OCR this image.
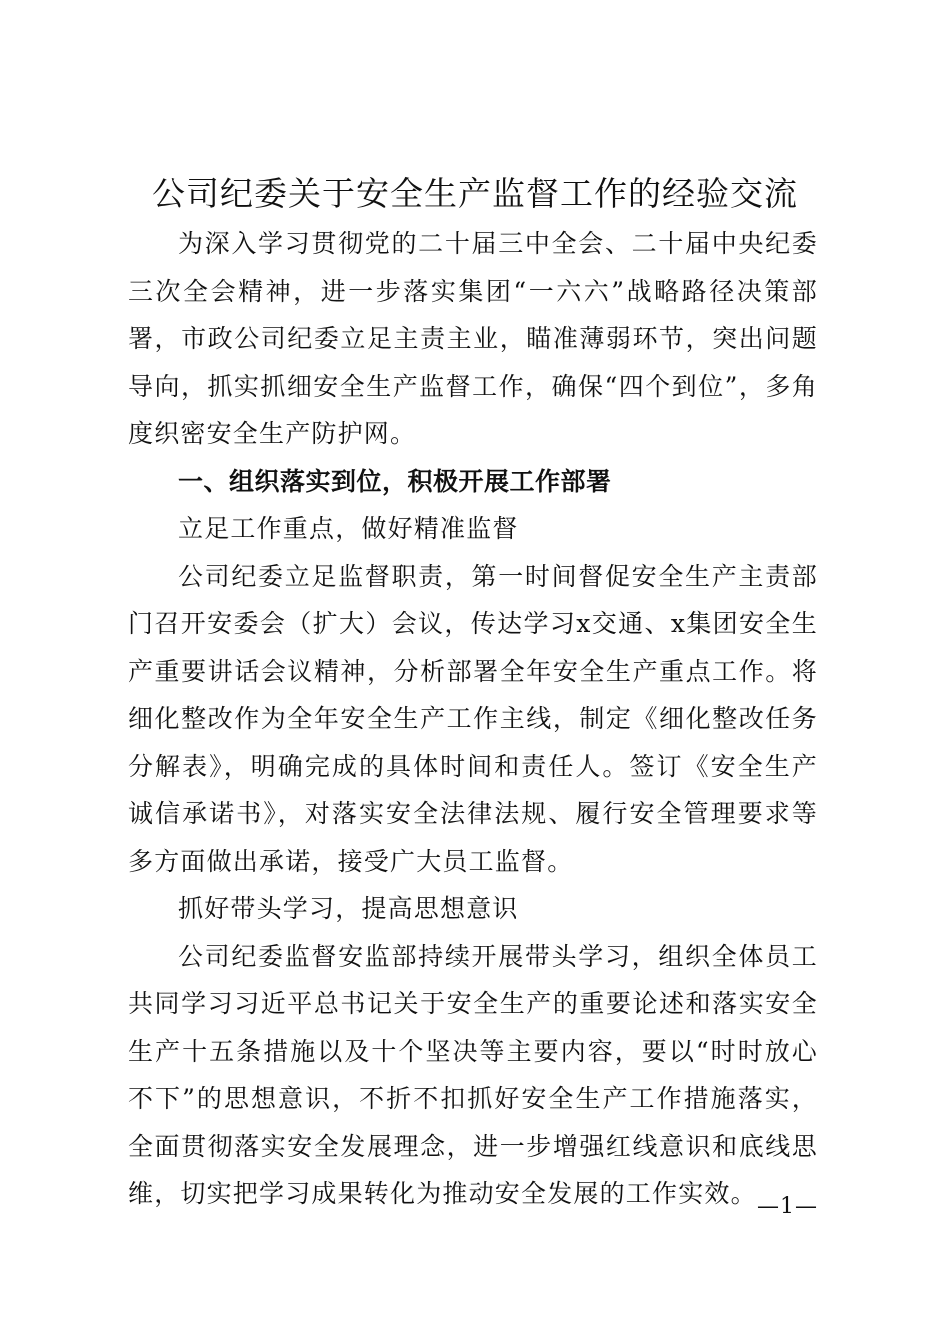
公司纪委关于安全生产监督工作的经验交流

为深入学习贯彻党的二十届三中全会、二十届中央纪委三次全会精神，进一步落实集团“一六六”战略路径决策部署，市政公司纪委立足主责主业，瞄准薄弱环节，突出问题导向，抓实抓细安全生产监督工作，确保“四个到位”，多角度织密安全生产防护网。

一、组织落实到位，积极开展工作部署

立足工作重点，做好精准监督

公司纪委立足监督职责，第一时间督促安全生产主责部门召开安委会（扩大）会议，传达学习x交通、x集团安全生产重要讲话会议精神，分析部署全年安全生产重点工作。将细化整改作为全年安全生产工作主线，制定《细化整改任务分解表》，明确完成的具体时间和责任人。签订《安全生产诚信承诺书》，对落实安全法律法规、履行安全管理要求等多方面做出承诺，接受广大员工监督。

抓好带头学习，提高思想意识

公司纪委监督安监部持续开展带头学习，组织全体员工共同学习习近平总书记关于安全生产的重要论述和落实安全生产十五条措施以及十个坚决等主要内容，要以“时时放心不下”的思想意识，不折不扣抓好安全生产工作措施落实，全面贯彻落实安全发展理念，进一步增强红线意识和底线思维，切实把学习成果转化为推动安全发展的工作实效。 —1—
